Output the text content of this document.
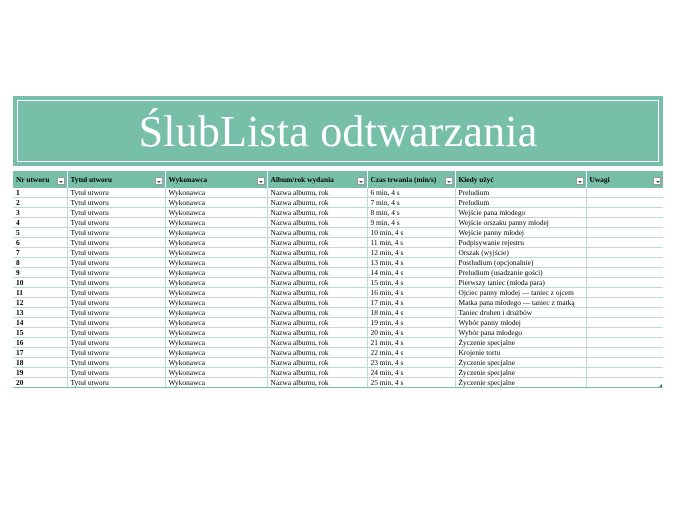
ŚlubLista odtwarzania
Nr utworu	Tytuł utworu	Wykonawca	Album/rok wydania	Czas trwania (min/s)	Kiedy użyć	Uwagi

1	Tytuł utworu	Wykonawca	Nazwa albumu, rok	6 min, 4 s	Preludium	
2	Tytuł utworu	Wykonawca	Nazwa albumu, rok	7 min, 4 s	Preludium	
3	Tytuł utworu	Wykonawca	Nazwa albumu, rok	8 min, 4 s	Wejście pana młodego	
4	Tytuł utworu	Wykonawca	Nazwa albumu, rok	9 min, 4 s	Wejście orszaku panny młodej	
5	Tytuł utworu	Wykonawca	Nazwa albumu, rok	10 min, 4 s	Wejście panny młodej	
6	Tytuł utworu	Wykonawca	Nazwa albumu, rok	11 min, 4 s	Podpisywanie rejestru	
7	Tytuł utworu	Wykonawca	Nazwa albumu, rok	12 min, 4 s	Orszak (wyjście)	
8	Tytuł utworu	Wykonawca	Nazwa albumu, rok	13 min, 4 s	Postludium (opcjonalnie)	
9	Tytuł utworu	Wykonawca	Nazwa albumu, rok	14 min, 4 s	Preludium (usadzanie gości)	
10	Tytuł utworu	Wykonawca	Nazwa albumu, rok	15 min, 4 s	Pierwszy taniec (młoda para)	
11	Tytuł utworu	Wykonawca	Nazwa albumu, rok	16 min, 4 s	Ojciec panny młodej — taniec z ojcem	
12	Tytuł utworu	Wykonawca	Nazwa albumu, rok	17 min, 4 s	Matka pana młodego — taniec z matką	
13	Tytuł utworu	Wykonawca	Nazwa albumu, rok	18 min, 4 s	Taniec druhen i drużbów	
14	Tytuł utworu	Wykonawca	Nazwa albumu, rok	19 min, 4 s	Wybór panny młodej	
15	Tytuł utworu	Wykonawca	Nazwa albumu, rok	20 min, 4 s	Wybór pana młodego	
16	Tytuł utworu	Wykonawca	Nazwa albumu, rok	21 min, 4 s	Życzenie specjalne	
17	Tytuł utworu	Wykonawca	Nazwa albumu, rok	22 min, 4 s	Krojenie tortu	
18	Tytuł utworu	Wykonawca	Nazwa albumu, rok	23 min, 4 s	Życzenie specjalne	
19	Tytuł utworu	Wykonawca	Nazwa albumu, rok	24 min, 4 s	Życzenie specjalne	
20	Tytuł utworu	Wykonawca	Nazwa albumu, rok	25 min, 4 s	Życzenie specjalne	
